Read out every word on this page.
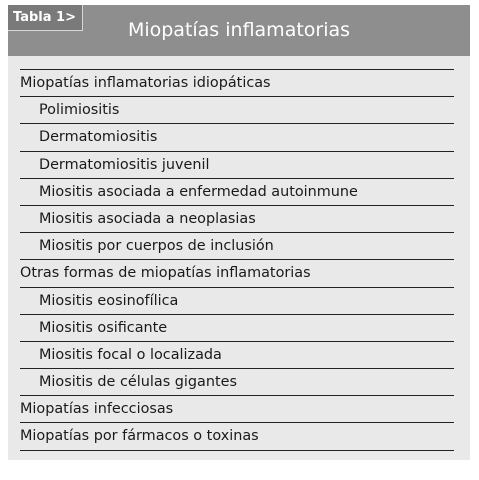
Miopatías inflamatorias
Tabla 1>
Miopatías inflamatorias idiopáticas
Polimiositis
Dermatomiositis
Dermatomiositis juvenil
Miositis asociada a enfermedad autoinmune
Miositis asociada a neoplasias
Miositis por cuerpos de inclusión
Otras formas de miopatías inflamatorias
Miositis eosinofílica
Miositis osificante
Miositis focal o localizada
Miositis de células gigantes
Miopatías infecciosas
Miopatías por fármacos o toxinas
